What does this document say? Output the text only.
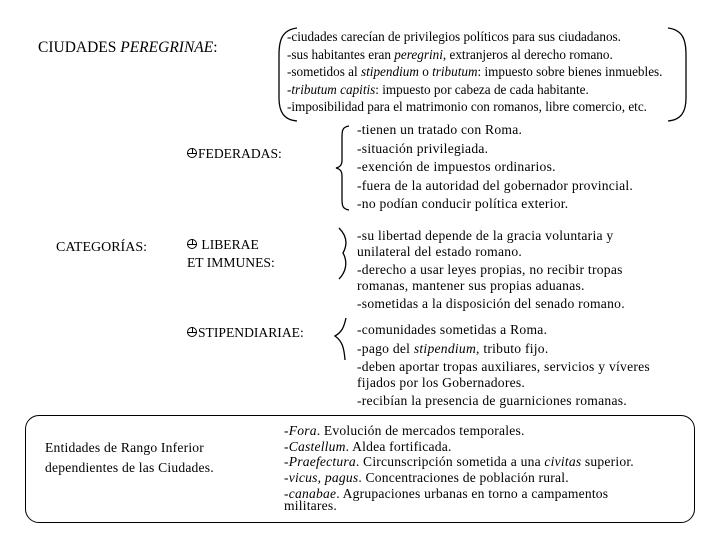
CIUDADES PEREGRINAE:
-ciudades carecían de privilegios políticos para sus ciudadanos.
-sus habitantes eran peregrini, extranjeros al derecho romano.
-sometidos al stipendium o tributum: impuesto sobre bienes inmuebles.
-tributum capitis: impuesto por cabeza de cada habitante.
-imposibilidad para el matrimonio con romanos, libre comercio, etc.
CATEGORÍAS:
FEDERADAS:
LIBERAE
ET IMMUNES:
STIPENDIARIAE:
-tienen un tratado con Roma.
-situación privilegiada.
-exención de impuestos ordinarios.
-fuera de la autoridad del gobernador provincial.
-no podían conducir política exterior.
-su libertad depende de la gracia voluntaria y
unilateral del estado romano.
-derecho a usar leyes propias, no recibir tropas
romanas, mantener sus propias aduanas.
-sometidas a la disposición del senado romano.
-comunidades sometidas a Roma.
-pago del stipendium, tributo fijo.
-deben aportar tropas auxiliares, servicios y víveres
fijados por los Gobernadores.
-recibían la presencia de guarniciones romanas.
Entidades de Rango Inferior
dependientes de las Ciudades.
-Fora. Evolución de mercados temporales.
-Castellum. Aldea fortificada.
-Praefectura. Circunscripción sometida a una civitas superior.
-vicus, pagus. Concentraciones de población rural.
-canabae. Agrupaciones urbanas en torno a campamentos
militares.
